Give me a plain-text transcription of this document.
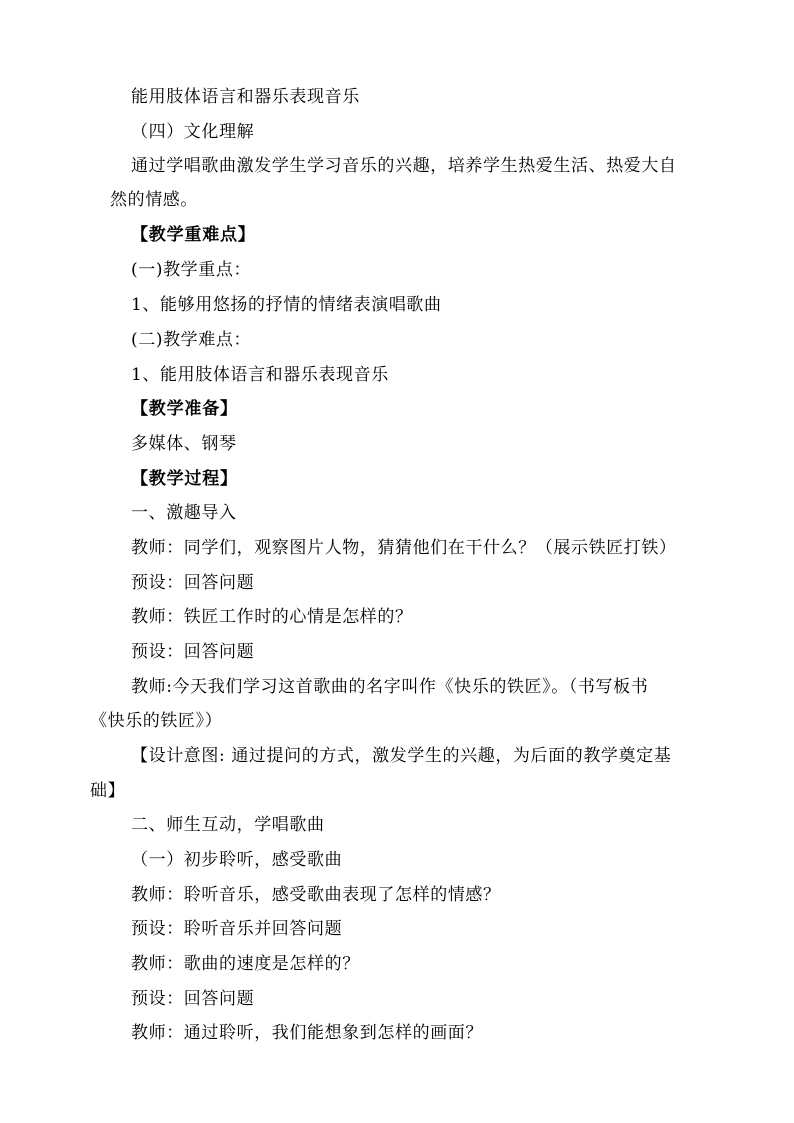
能用肢体语言和器乐表现音乐
（四）文化理解
通过学唱歌曲激发学生学习音乐的兴趣，培养学生热爱生活、热爱大自
然的情感。
【教学重难点】
(一)教学重点：
1、能够用悠扬的抒情的情绪表演唱歌曲
(二)教学难点：
1、能用肢体语言和器乐表现音乐
【教学准备】
多媒体、钢琴
【教学过程】
一、激趣导入
教师：同学们，观察图片人物，猜猜他们在干什么？（展示铁匠打铁）
预设：回答问题
教师：铁匠工作时的心情是怎样的？
预设：回答问题
教师:今天我们学习这首歌曲的名字叫作《快乐的铁匠》。（书写板书
《快乐的铁匠》）
【设计意图: 通过提问的方式，激发学生的兴趣，为后面的教学奠定基
础】
二、师生互动，学唱歌曲
（一）初步聆听，感受歌曲
教师：聆听音乐，感受歌曲表现了怎样的情感？
预设：聆听音乐并回答问题
教师：歌曲的速度是怎样的？
预设：回答问题
教师：通过聆听，我们能想象到怎样的画面？
